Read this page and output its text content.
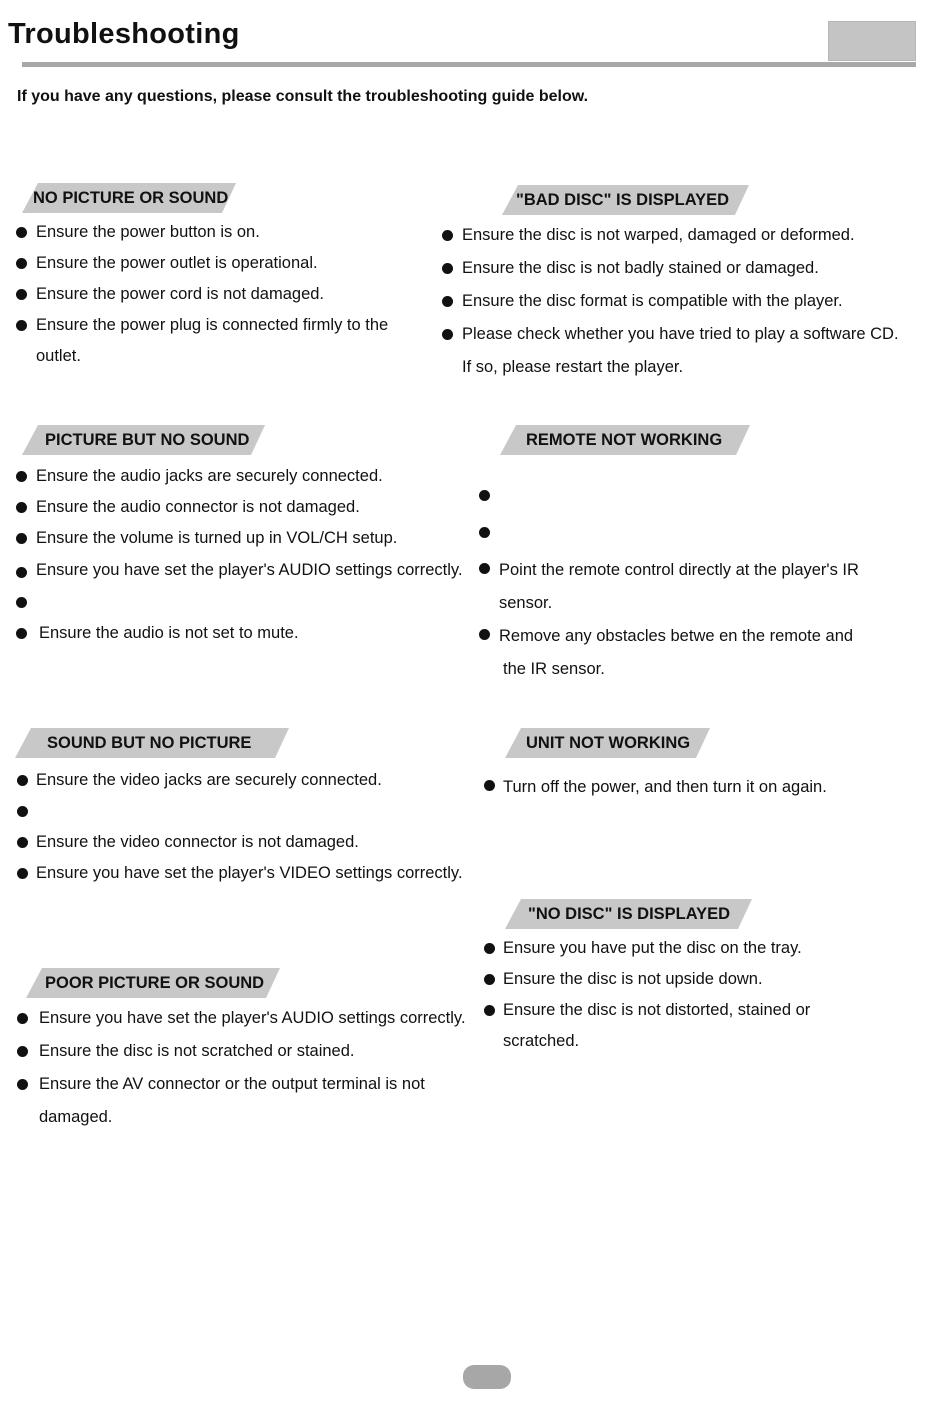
Troubleshooting
If you have any questions, please consult the troubleshooting guide below.
NO PICTURE OR SOUND
Ensure the power button is on.
Ensure the power outlet is operational.
Ensure the power cord is not damaged.
Ensure the power plug is connected firmly to the
outlet.
"BAD DISC" IS DISPLAYED
Ensure the disc is not warped, damaged or deformed.
Ensure the disc is not badly stained or damaged.
Ensure the disc format is compatible with the player.
Please check whether you have tried to play a software CD.
If so, please restart the player.
PICTURE BUT NO SOUND
Ensure the audio jacks are securely connected.
Ensure the audio connector is not damaged.
Ensure the volume is turned up in VOL/CH setup.
Ensure you have set the player's AUDIO settings correctly.
Ensure the audio is not set to mute.
REMOTE NOT WORKING
Point the remote control directly at the player's IR
sensor.
Remove any obstacles betwe en the remote and
the IR sensor.
SOUND BUT NO PICTURE
Ensure the video jacks are securely connected.
Ensure the video connector is not damaged.
Ensure you have set the player's VIDEO settings correctly.
UNIT NOT WORKING
Turn off the power, and then turn it on again.
"NO DISC" IS DISPLAYED
Ensure you have put the disc on the tray.
Ensure the disc is not upside down.
Ensure the disc is not distorted, stained or
scratched.
POOR PICTURE OR SOUND
Ensure you have set the player's AUDIO settings correctly.
Ensure the disc is not scratched or stained.
Ensure the AV connector or the output terminal is not
damaged.
